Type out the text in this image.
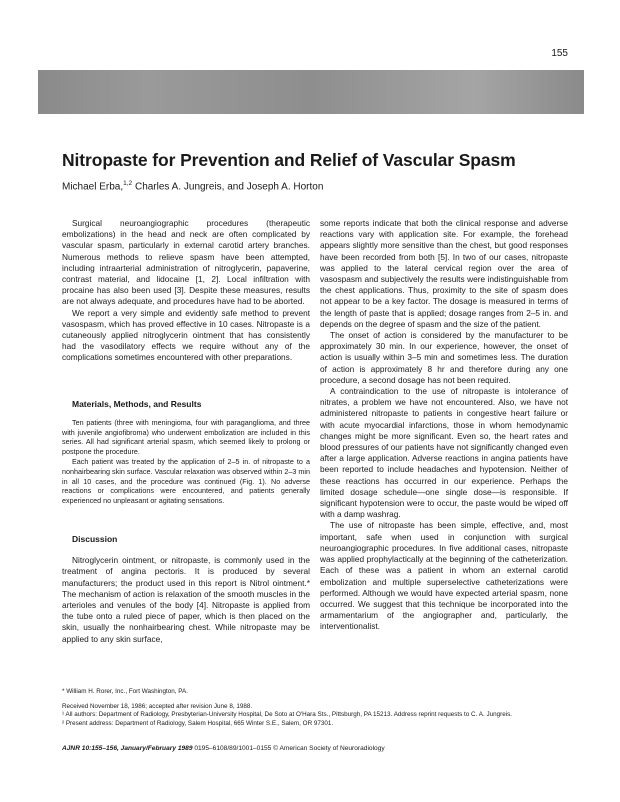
155
Nitropaste for Prevention and Relief of Vascular Spasm
Michael Erba,$^{1,2}$ Charles A. Jungreis, and Joseph A. Horton

Surgical neuroangiographic procedures (therapeutic embolizations) in the head and neck are often complicated by vascular spasm, particularly in external carotid artery branches. Numerous methods to relieve spasm have been attempted, including intraarterial administration of nitroglycerin, papaverine, contrast material, and lidocaine [1, 2]. Local infiltration with procaine has also been used [3]. Despite these measures, results are not always adequate, and procedures have had to be aborted.

We report a very simple and evidently safe method to prevent vasospasm, which has proved effective in 10 cases. Nitropaste is a cutaneously applied nitroglycerin ointment that has consistently had the vasodilatory effects we require without any of the complications sometimes encountered with other preparations.

Materials, Methods, and Results

Ten patients (three with meningioma, four with paraganglioma, and three with juvenile angiofibroma) who underwent embolization are included in this series. All had significant arterial spasm, which seemed likely to prolong or postpone the procedure.

Each patient was treated by the application of 2–5 in. of nitropaste to a nonhairbearing skin surface. Vascular relaxation was observed within 2–3 min in all 10 cases, and the procedure was continued (Fig. 1). No adverse reactions or complications were encountered, and patients generally experienced no unpleasant or agitating sensations.

Discussion

Nitroglycerin ointment, or nitropaste, is commonly used in the treatment of angina pectoris. It is produced by several manufacturers; the product used in this report is Nitrol ointment.* The mechanism of action is relaxation of the smooth muscles in the arterioles and venules of the body [4]. Nitropaste is applied from the tube onto a ruled piece of paper, which is then placed on the skin, usually the nonhairbearing chest. While nitropaste may be applied to any skin surface,

some reports indicate that both the clinical response and adverse reactions vary with application site. For example, the forehead appears slightly more sensitive than the chest, but good responses have been recorded from both [5]. In two of our cases, nitropaste was applied to the lateral cervical region over the area of vasospasm and subjectively the results were indistinguishable from the chest applications. Thus, proximity to the site of spasm does not appear to be a key factor. The dosage is measured in terms of the length of paste that is applied; dosage ranges from 2–5 in. and depends on the degree of spasm and the size of the patient.

The onset of action is considered by the manufacturer to be approximately 30 min. In our experience, however, the onset of action is usually within 3–5 min and sometimes less. The duration of action is approximately 8 hr and therefore during any one procedure, a second dosage has not been required.

A contraindication to the use of nitropaste is intolerance of nitrates, a problem we have not encountered. Also, we have not administered nitropaste to patients in congestive heart failure or with acute myocardial infarctions, those in whom hemodynamic changes might be more significant. Even so, the heart rates and blood pressures of our patients have not significantly changed even after a large application. Adverse reactions in angina patients have been reported to include headaches and hypotension. Neither of these reactions has occurred in our experience. Perhaps the limited dosage schedule—one single dose—is responsible. If significant hypotension were to occur, the paste would be wiped off with a damp washrag.

The use of nitropaste has been simple, effective, and, most important, safe when used in conjunction with surgical neuroangiographic procedures. In five additional cases, nitropaste was applied prophylactically at the beginning of the catheterization. Each of these was a patient in whom an external carotid embolization and multiple superselective catheterizations were performed. Although we would have expected arterial spasm, none occurred. We suggest that this technique be incorporated into the armamentarium of the angiographer and, particularly, the interventionalist.

* William H. Rorer, Inc., Fort Washington, PA.

Received November 18, 1986; accepted after revision June 8, 1988.

¹ All authors: Department of Radiology, Presbyterian-University Hospital, De Soto at O'Hara Sts., Pittsburgh, PA 15213. Address reprint requests to C. A. Jungreis.

² Present address: Department of Radiology, Salem Hospital, 665 Winter S.E., Salem, OR 97301.

AJNR 10:155–156, January/February 1989 0195–6108/89/1001–0155 © American Society of Neuroradiology
